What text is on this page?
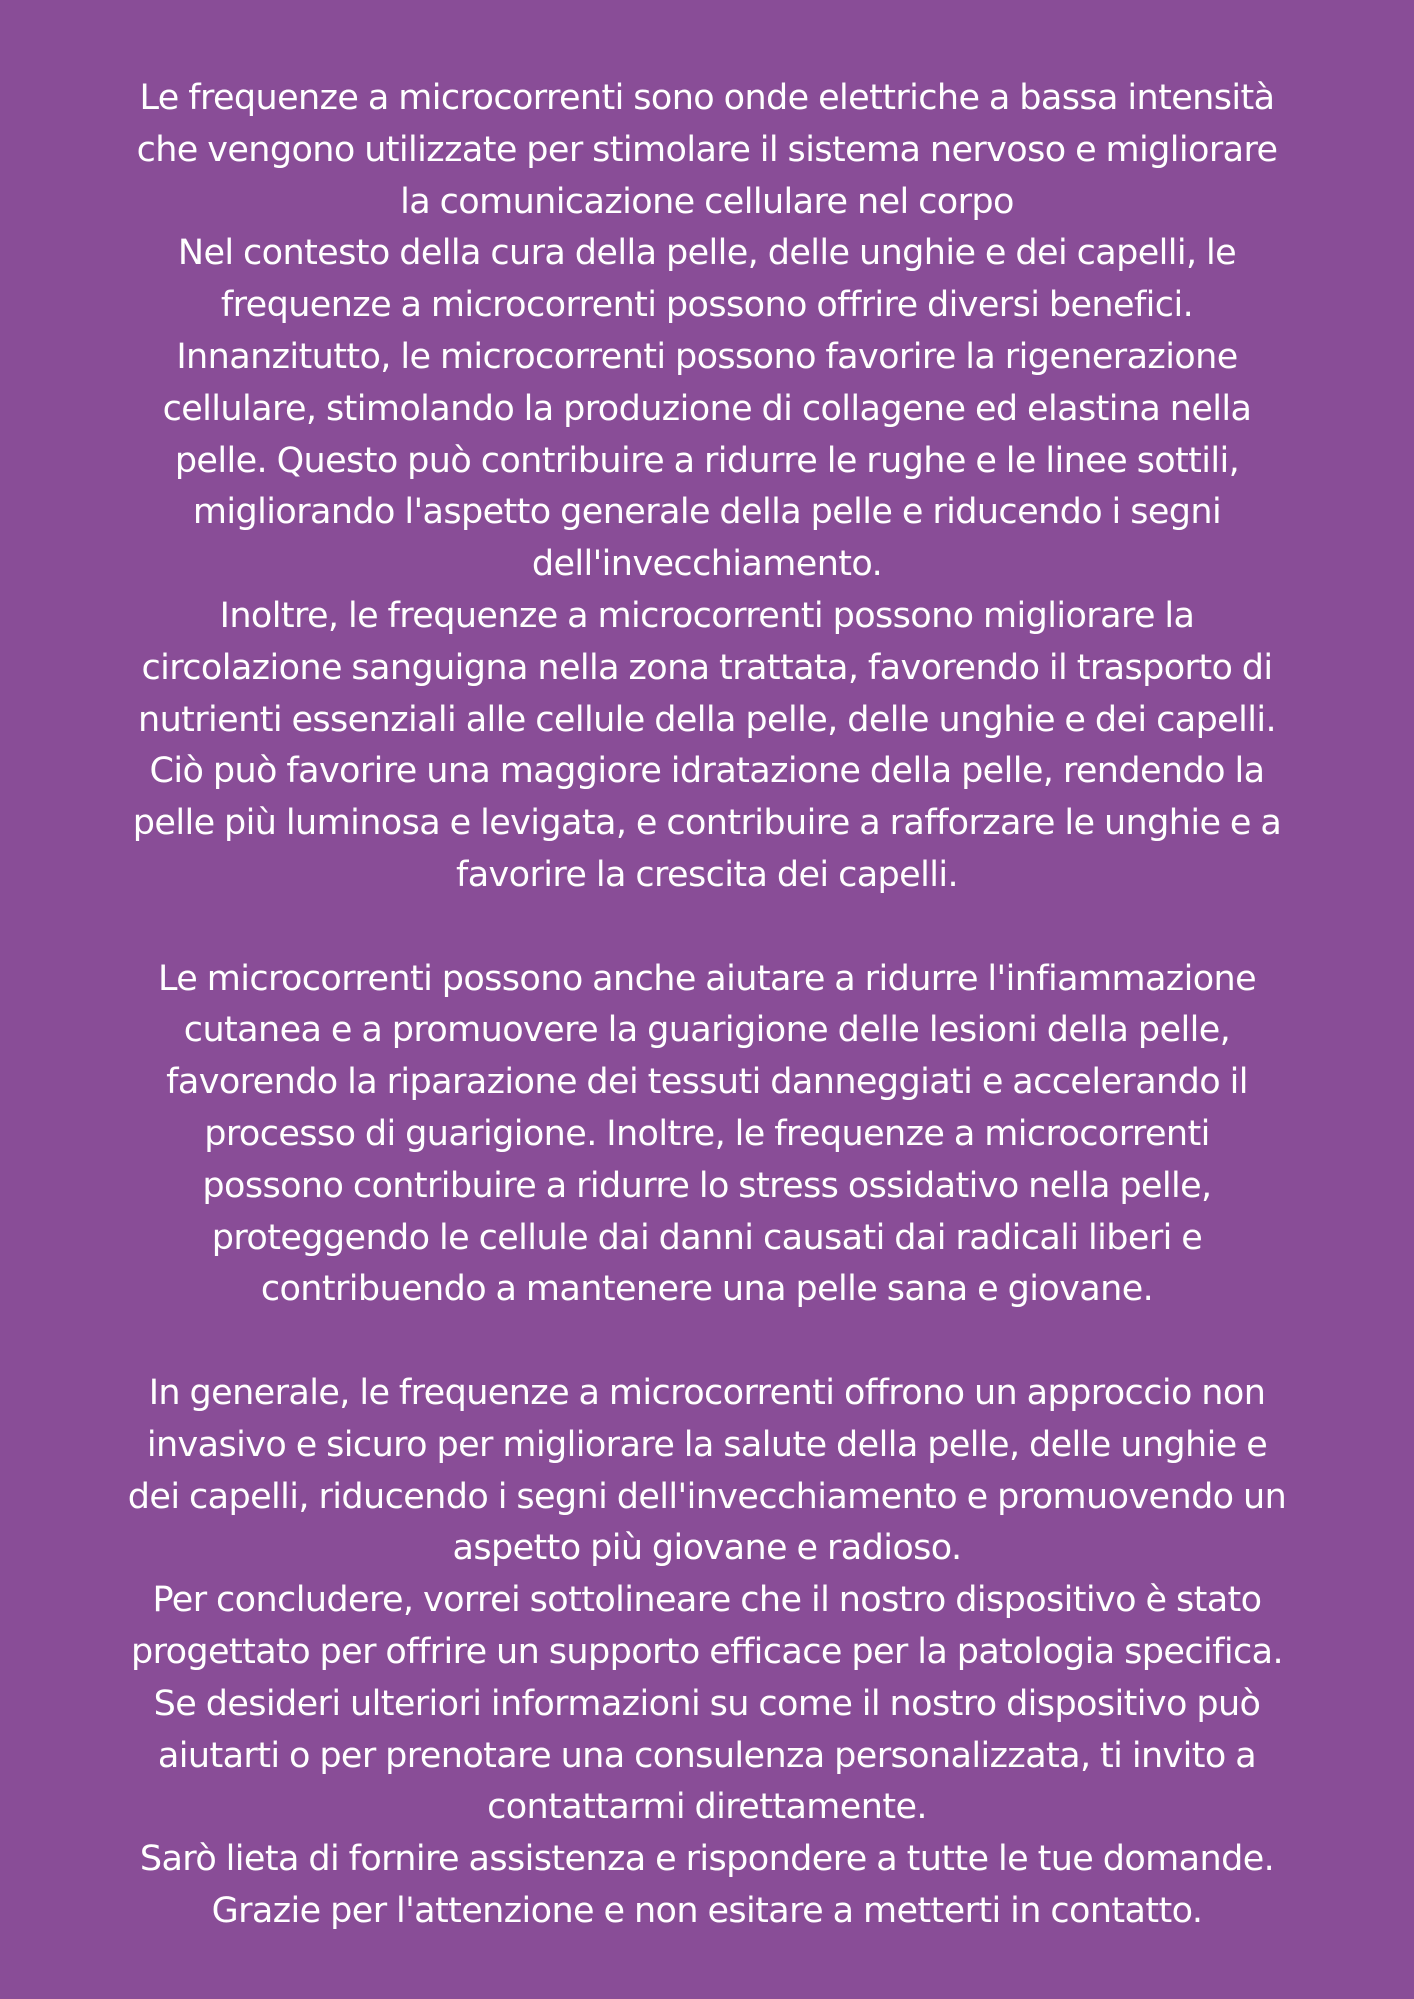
Le frequenze a microcorrenti sono onde elettriche a bassa intensità
che vengono utilizzate per stimolare il sistema nervoso e migliorare
la comunicazione cellulare nel corpo
Nel contesto della cura della pelle, delle unghie e dei capelli, le
frequenze a microcorrenti possono offrire diversi benefici.
Innanzitutto, le microcorrenti possono favorire la rigenerazione
cellulare, stimolando la produzione di collagene ed elastina nella
pelle. Questo può contribuire a ridurre le rughe e le linee sottili,
migliorando l'aspetto generale della pelle e riducendo i segni
dell'invecchiamento.
Inoltre, le frequenze a microcorrenti possono migliorare la
circolazione sanguigna nella zona trattata, favorendo il trasporto di
nutrienti essenziali alle cellule della pelle, delle unghie e dei capelli.
Ciò può favorire una maggiore idratazione della pelle, rendendo la
pelle più luminosa e levigata, e contribuire a rafforzare le unghie e a
favorire la crescita dei capelli.
Le microcorrenti possono anche aiutare a ridurre l'infiammazione
cutanea e a promuovere la guarigione delle lesioni della pelle,
favorendo la riparazione dei tessuti danneggiati e accelerando il
processo di guarigione. Inoltre, le frequenze a microcorrenti
possono contribuire a ridurre lo stress ossidativo nella pelle,
proteggendo le cellule dai danni causati dai radicali liberi e
contribuendo a mantenere una pelle sana e giovane.
In generale, le frequenze a microcorrenti offrono un approccio non
invasivo e sicuro per migliorare la salute della pelle, delle unghie e
dei capelli, riducendo i segni dell'invecchiamento e promuovendo un
aspetto più giovane e radioso.
Per concludere, vorrei sottolineare che il nostro dispositivo è stato
progettato per offrire un supporto efficace per la patologia specifica.
Se desideri ulteriori informazioni su come il nostro dispositivo può
aiutarti o per prenotare una consulenza personalizzata, ti invito a
contattarmi direttamente.
Sarò lieta di fornire assistenza e rispondere a tutte le tue domande.
Grazie per l'attenzione e non esitare a metterti in contatto.
